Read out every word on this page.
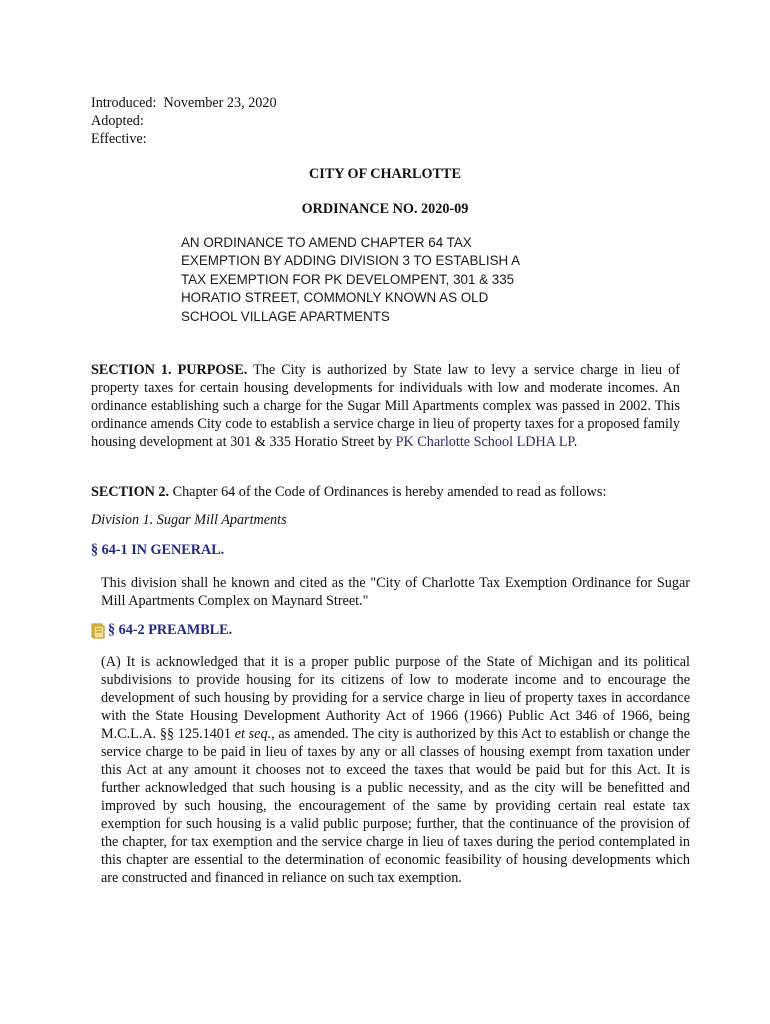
Introduced:  November 23, 2020
Adopted:
Effective:
CITY OF CHARLOTTE
ORDINANCE NO. 2020-09
AN ORDINANCE TO AMEND CHAPTER 64 TAX
EXEMPTION BY ADDING DIVISION 3 TO ESTABLISH A
TAX EXEMPTION FOR PK DEVELOMPENT, 301 & 335
HORATIO STREET, COMMONLY KNOWN AS OLD
SCHOOL VILLAGE APARTMENTS
SECTION 1. PURPOSE. The City is authorized by State law to levy a service charge in lieu of property taxes for certain housing developments for individuals with low and moderate incomes. An ordinance establishing such a charge for the Sugar Mill Apartments complex was passed in 2002. This ordinance amends City code to establish a service charge in lieu of property taxes for a proposed family housing development at 301 & 335 Horatio Street by PK Charlotte School LDHA LP.
SECTION 2. Chapter 64 of the Code of Ordinances is hereby amended to read as follows:
Division 1. Sugar Mill Apartments
§ 64-1 IN GENERAL.
This division shall he known and cited as the "City of Charlotte Tax Exemption Ordinance for Sugar Mill Apartments Complex on Maynard Street."
§ 64-2 PREAMBLE.
(A) It is acknowledged that it is a proper public purpose of the State of Michigan and its political subdivisions to provide housing for its citizens of low to moderate income and to encourage the development of such housing by providing for a service charge in lieu of property taxes in accordance with the State Housing Development Authority Act of 1966 (1966) Public Act 346 of 1966, being M.C.L.A. §§ 125.1401 et seq., as amended. The city is authorized by this Act to establish or change the service charge to be paid in lieu of taxes by any or all classes of housing exempt from taxation under this Act at any amount it chooses not to exceed the taxes that would be paid but for this Act. It is further acknowledged that such housing is a public necessity, and as the city will be benefitted and improved by such housing, the encouragement of the same by providing certain real estate tax exemption for such housing is a valid public purpose; further, that the continuance of the provision of the chapter, for tax exemption and the service charge in lieu of taxes during the period contemplated in this chapter are essential to the determination of economic feasibility of housing developments which are constructed and financed in reliance on such tax exemption.
